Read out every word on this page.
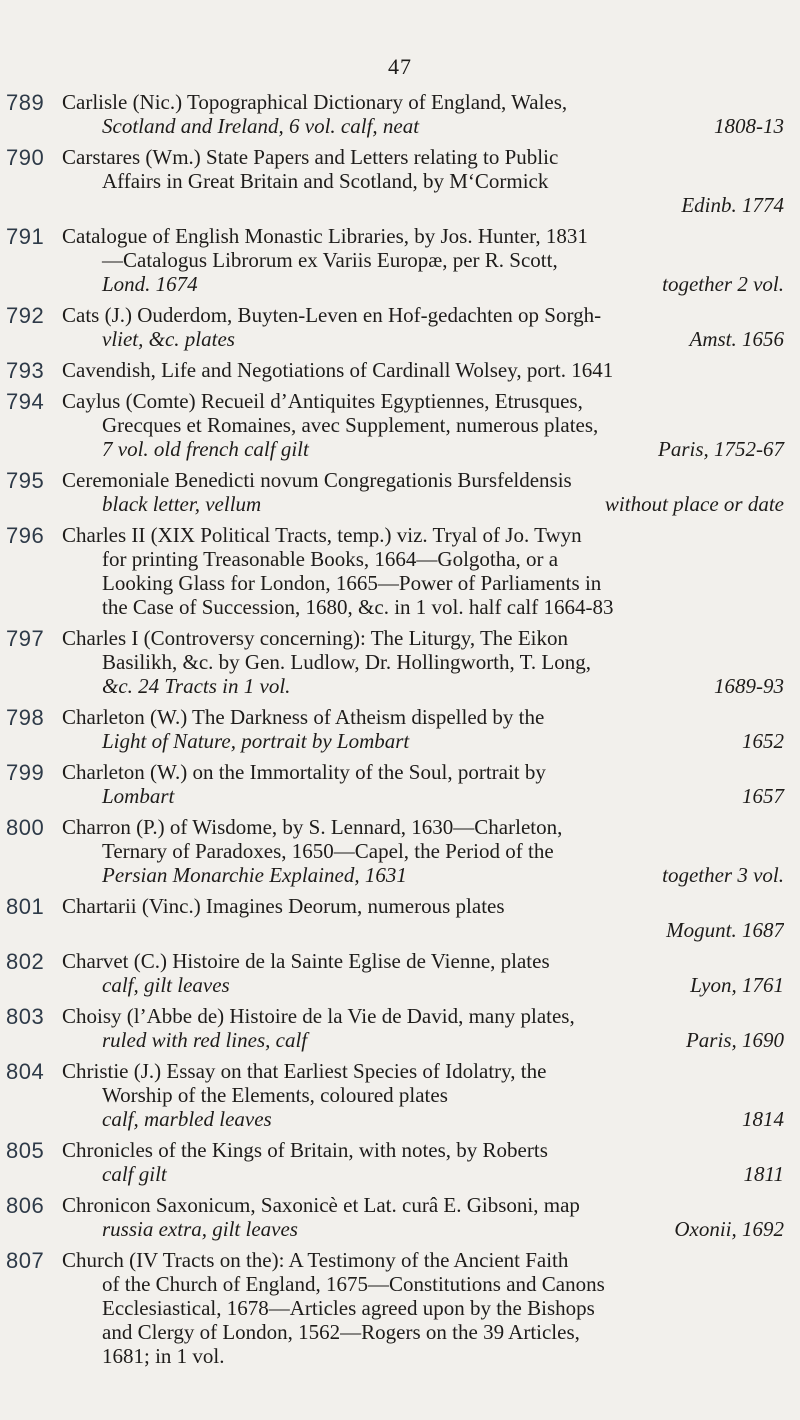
47
789 Carlisle (Nic.) Topographical Dictionary of England, Wales,
Scotland and Ireland, 6 vol. calf, neat	1808-13
790 Carstares (Wm.) State Papers and Letters relating to Public
Affairs in Great Britain and Scotland, by M‘Cormick
Edinb. 1774
791 Catalogue of English Monastic Libraries, by Jos. Hunter, 1831
—Catalogus Librorum ex Variis Europæ, per R. Scott,
Lond. 1674	together 2 vol.
792 Cats (J.) Ouderdom, Buyten-Leven en Hof-gedachten op Sorgh-
vliet, &c. plates	Amst. 1656
793 Cavendish, Life and Negotiations of Cardinall Wolsey, port. 1641
794 Caylus (Comte) Recueil d’Antiquites Egyptiennes, Etrusques,
Grecques et Romaines, avec Supplement, numerous plates,
7 vol. old french calf gilt	Paris, 1752-67
795 Ceremoniale Benedicti novum Congregationis Bursfeldensis
black letter, vellum	without place or date
796 Charles II (XIX Political Tracts, temp.) viz. Tryal of Jo. Twyn
for printing Treasonable Books, 1664—Golgotha, or a
Looking Glass for London, 1665—Power of Parliaments in
the Case of Succession, 1680, &c. in 1 vol. half calf 1664-83
797 Charles I (Controversy concerning): The Liturgy, The Eikon
Basilikh, &c. by Gen. Ludlow, Dr. Hollingworth, T. Long,
&c. 24 Tracts in 1 vol.	1689-93
798 Charleton (W.) The Darkness of Atheism dispelled by the
Light of Nature, portrait by Lombart	1652
799 Charleton (W.) on the Immortality of the Soul, portrait by
Lombart	1657
800 Charron (P.) of Wisdome, by S. Lennard, 1630—Charleton,
Ternary of Paradoxes, 1650—Capel, the Period of the
Persian Monarchie Explained, 1631	together 3 vol.
801 Chartarii (Vinc.) Imagines Deorum, numerous plates
Mogunt. 1687
802 Charvet (C.) Histoire de la Sainte Eglise de Vienne, plates
calf, gilt leaves	Lyon, 1761
803 Choisy (l’Abbe de) Histoire de la Vie de David, many plates,
ruled with red lines, calf	Paris, 1690
804 Christie (J.) Essay on that Earliest Species of Idolatry, the
Worship of the Elements, coloured plates
calf, marbled leaves	1814
805 Chronicles of the Kings of Britain, with notes, by Roberts
calf gilt	1811
806 Chronicon Saxonicum, Saxonicè et Lat. curâ E. Gibsoni, map
russia extra, gilt leaves	Oxonii, 1692
807 Church (IV Tracts on the): A Testimony of the Ancient Faith
of the Church of England, 1675—Constitutions and Canons
Ecclesiastical, 1678—Articles agreed upon by the Bishops
and Clergy of London, 1562—Rogers on the 39 Articles,
1681; in 1 vol.
